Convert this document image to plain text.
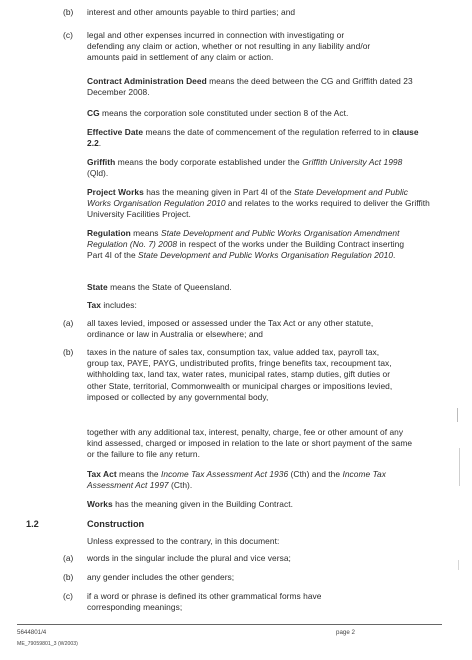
(b) interest and other amounts payable to third parties; and
(c) legal and other expenses incurred in connection with investigating or defending any claim or action, whether or not resulting in any liability and/or amounts paid in settlement of any claim or action.
Contract Administration Deed means the deed between the CG and Griffith dated 23 December 2008.
CG means the corporation sole constituted under section 8 of the Act.
Effective Date means the date of commencement of the regulation referred to in clause 2.2.
Griffith means the body corporate established under the Griffith University Act 1998 (Qld).
Project Works has the meaning given in Part 4I of the State Development and Public Works Organisation Regulation 2010 and relates to the works required to deliver the Griffith University Facilities Project.
Regulation means State Development and Public Works Organisation Amendment Regulation (No. 7) 2008 in respect of the works under the Building Contract inserting Part 4I of the State Development and Public Works Organisation Regulation 2010.
State means the State of Queensland.
Tax includes:
(a) all taxes levied, imposed or assessed under the Tax Act or any other statute, ordinance or law in Australia or elsewhere; and
(b) taxes in the nature of sales tax, consumption tax, value added tax, payroll tax, group tax, PAYE, PAYG, undistributed profits, fringe benefits tax, recoupment tax, withholding tax, land tax, water rates, municipal rates, stamp duties, gift duties or other State, territorial, Commonwealth or municipal charges or impositions levied, imposed or collected by any governmental body,
together with any additional tax, interest, penalty, charge, fee or other amount of any kind assessed, charged or imposed in relation to the late or short payment of the same or the failure to file any return.
Tax Act means the Income Tax Assessment Act 1936 (Cth) and the Income Tax Assessment Act 1997 (Cth).
Works has the meaning given in the Building Contract.
1.2	Construction
Unless expressed to the contrary, in this document:
(a) words in the singular include the plural and vice versa;
(b) any gender includes the other genders;
(c) if a word or phrase is defined its other grammatical forms have corresponding meanings;
5644801/4	page 2
ME_79059801_3 (W2003)
